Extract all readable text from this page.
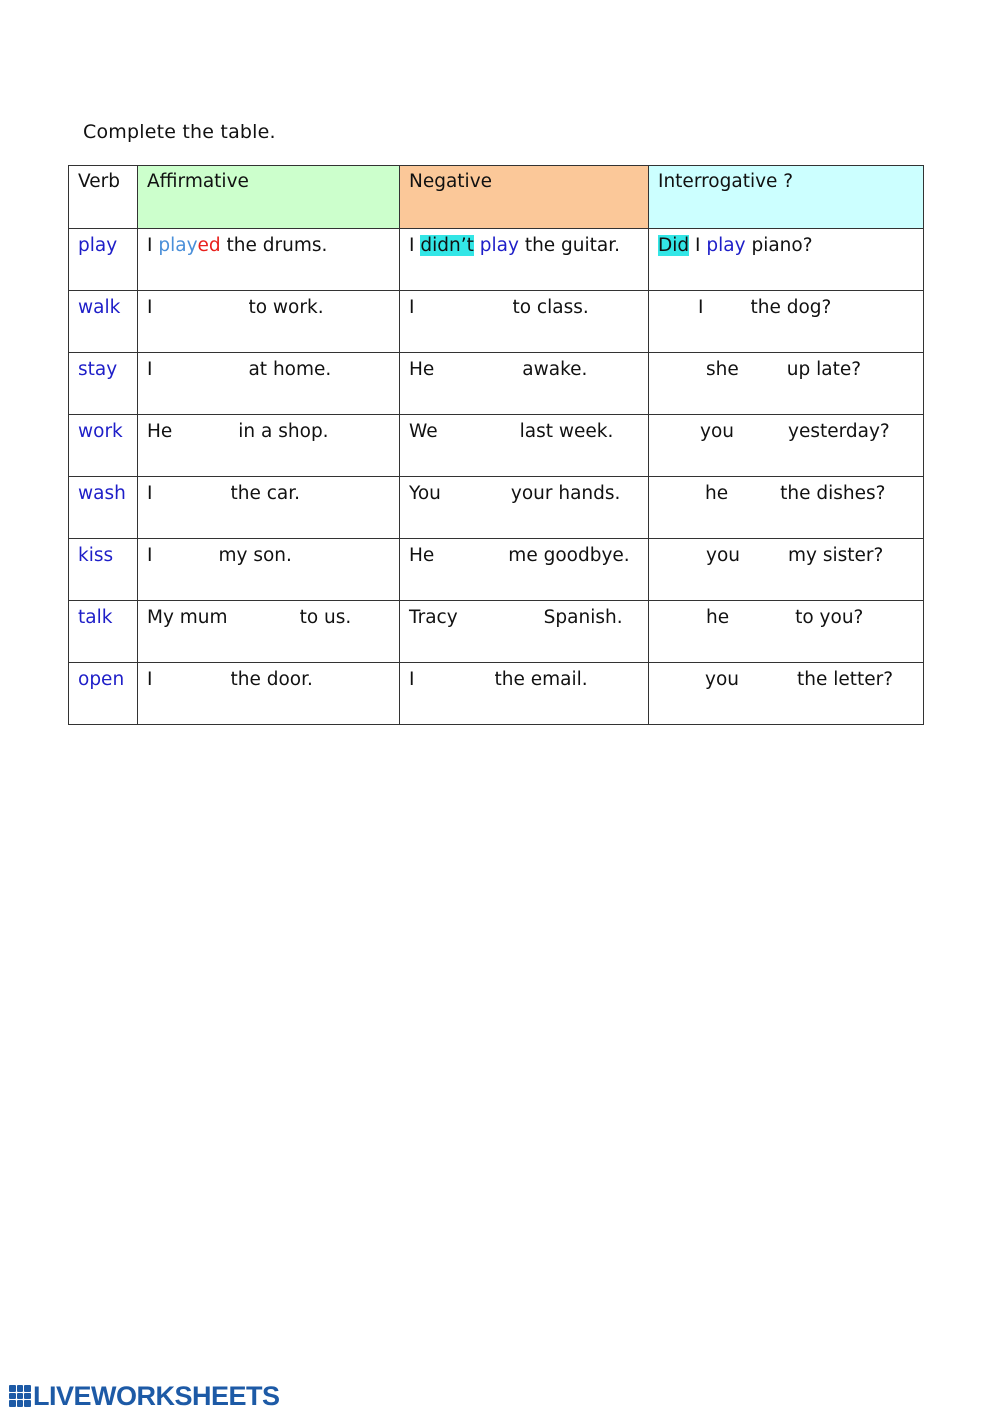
Complete the table.
Verb	Affirmative	Negative	Interrogative ?
play	I played the drums.	I didn’t play the guitar.	Did I play piano?
walk	I to work.	I to class.	I the dog?
stay	I at home.	He awake.	she up late?
work	He in a shop.	We last week.	you yesterday?
wash	I the car.	You your hands.	he the dishes?
kiss	I my son.	He me goodbye.	you my sister?
talk	My mum to us.	Tracy Spanish.	he to you?
open	I the door.	I the email.	you the letter?
LIVEWORKSHEETS
